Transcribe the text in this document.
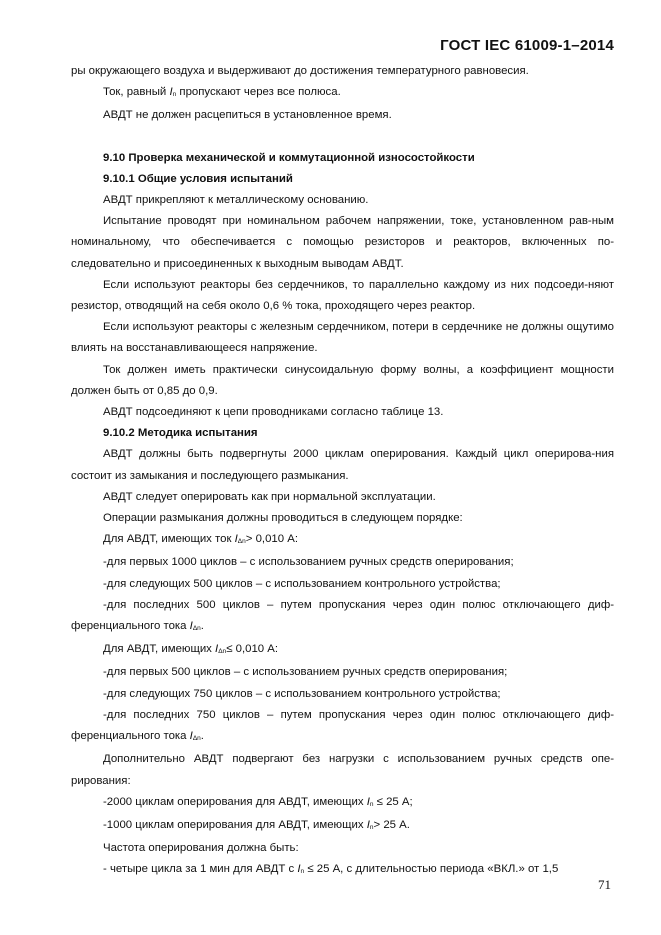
ГОСТ IEC 61009-1–2014

ры окружающего воздуха и выдерживают до достижения температурного равновесия.

Ток, равный In пропускают через все полюса.

АВДТ не должен расцепиться в установленное время.

9.10 Проверка механической и коммутационной износостойкости

9.10.1 Общие условия испытаний

АВДТ прикрепляют к металлическому основанию.

Испытание проводят при номинальном рабочем напряжении, токе, установленном рав-ным номинальному, что обеспечивается с помощью резисторов и реакторов, включенных по-следовательно и присоединенных к выходным выводам АВДТ.

Если используют реакторы без сердечников, то параллельно каждому из них подсоеди-няют резистор, отводящий на себя около 0,6 % тока, проходящего через реактор.

Если используют реакторы с железным сердечником, потери в сердечнике не должны ощутимо влиять на восстанавливающееся напряжение.

Ток должен иметь практически синусоидальную форму волны, а коэффициент мощности должен быть от 0,85 до 0,9.

АВДТ подсоединяют к цепи проводниками согласно таблице 13.

9.10.2 Методика испытания

АВДТ должны быть подвергнуты 2000 циклам оперирования. Каждый цикл оперирова-ния состоит из замыкания и последующего размыкания.

АВДТ следует оперировать как при нормальной эксплуатации.

Операции размыкания должны проводиться в следующем порядке:

Для АВДТ, имеющих ток IΔn> 0,010 А:

-для первых 1000 циклов – с использованием ручных средств оперирования;

-для следующих 500 циклов – с использованием контрольного устройства;

-для последних 500 циклов – путем пропускания через один полюс отключающего диф-ференциального тока IΔn.

Для АВДТ, имеющих IΔn≤ 0,010 А:

-для первых 500 циклов – с использованием ручных средств оперирования;

-для следующих 750 циклов – с использованием контрольного устройства;

-для последних 750 циклов – путем пропускания через один полюс отключающего диф-ференциального тока IΔn.

Дополнительно АВДТ подвергают без нагрузки с использованием ручных средств опе-рирования:

-2000 циклам оперирования для АВДТ, имеющих In ≤ 25 А;

-1000 циклам оперирования для АВДТ, имеющих In> 25 А.

Частота оперирования должна быть:

- четыре цикла за 1 мин для АВДТ с In ≤ 25 А, с длительностью периода «ВКЛ.» от 1,5

71
